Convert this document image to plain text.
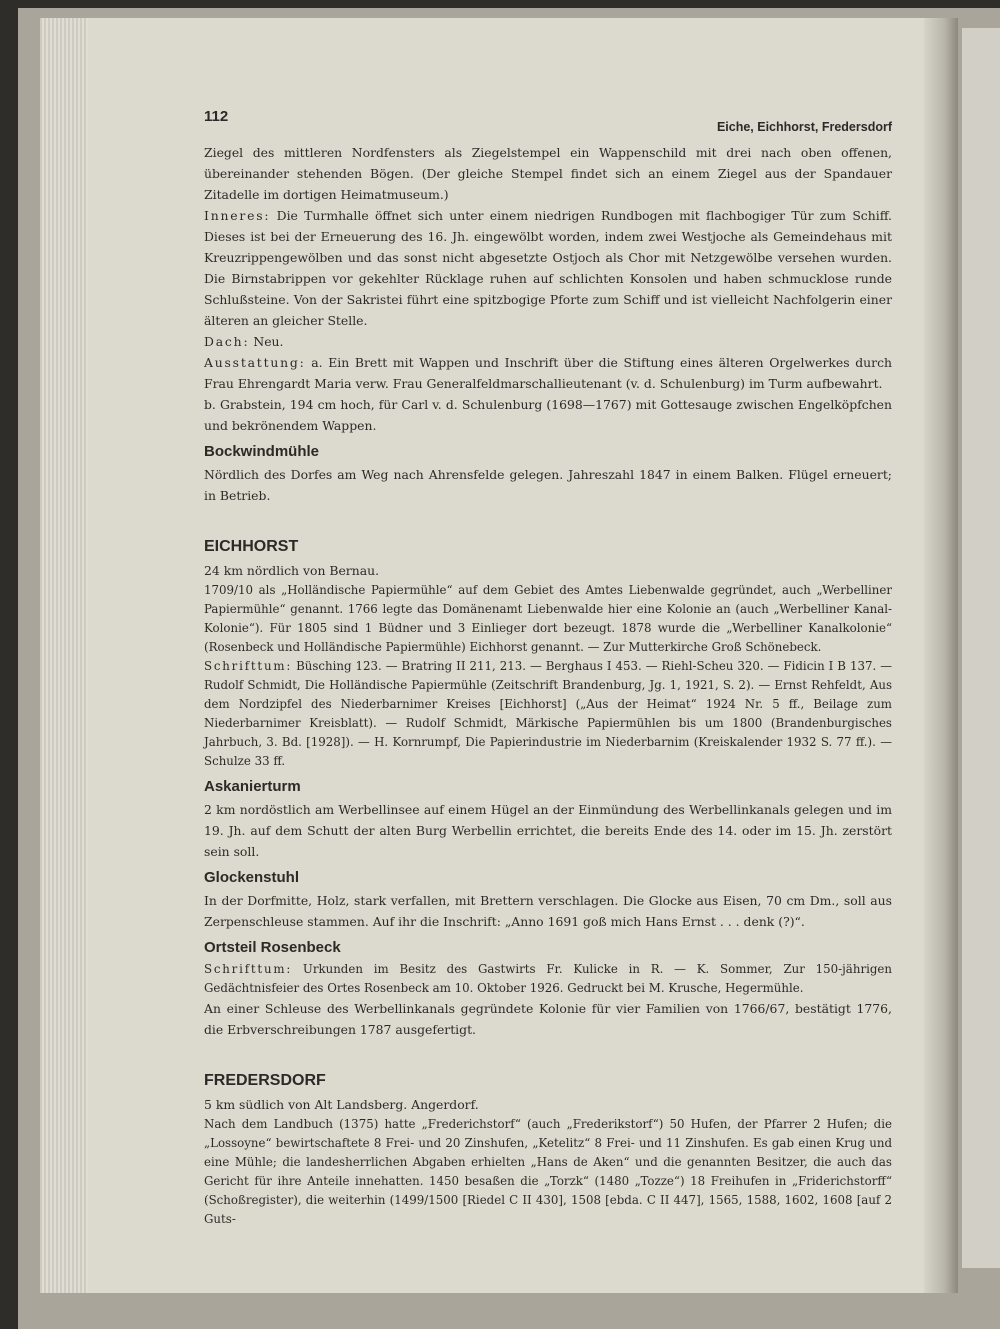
112
Eiche, Eichhorst, Fredersdorf

Ziegel des mittleren Nordfensters als Ziegelstempel ein Wappenschild mit drei nach oben offenen, übereinander stehenden Bögen. (Der gleiche Stempel findet sich an einem Ziegel aus der Spandauer Zitadelle im dortigen Heimatmuseum.)

Inneres: Die Turmhalle öffnet sich unter einem niedrigen Rundbogen mit flachbogiger Tür zum Schiff. Dieses ist bei der Erneuerung des 16. Jh. eingewölbt worden, indem zwei Westjoche als Gemeindehaus mit Kreuzrippengewölben und das sonst nicht abgesetzte Ostjoch als Chor mit Netzgewölbe versehen wurden. Die Birnstabrippen vor gekehlter Rücklage ruhen auf schlichten Konsolen und haben schmucklose runde Schlußsteine. Von der Sakristei führt eine spitzbogige Pforte zum Schiff und ist vielleicht Nachfolgerin einer älteren an gleicher Stelle.

Dach: Neu.

Ausstattung: a. Ein Brett mit Wappen und Inschrift über die Stiftung eines älteren Orgelwerkes durch Frau Ehrengardt Maria verw. Frau Generalfeldmarschallieutenant (v. d. Schulenburg) im Turm aufbewahrt.

b. Grabstein, 194 cm hoch, für Carl v. d. Schulenburg (1698—1767) mit Gottesauge zwischen Engelköpfchen und bekrönendem Wappen.

Bockwindmühle

Nördlich des Dorfes am Weg nach Ahrensfelde gelegen. Jahreszahl 1847 in einem Balken. Flügel erneuert; in Betrieb.

EICHHORST

24 km nördlich von Bernau.

1709/10 als „Holländische Papiermühle“ auf dem Gebiet des Amtes Liebenwalde gegründet, auch „Werbelliner Papiermühle“ genannt. 1766 legte das Domänenamt Liebenwalde hier eine Kolonie an (auch „Werbelliner Kanal-Kolonie“). Für 1805 sind 1 Büdner und 3 Einlieger dort bezeugt. 1878 wurde die „Werbelliner Kanalkolonie“ (Rosenbeck und Holländische Papiermühle) Eichhorst genannt. — Zur Mutterkirche Groß Schönebeck.

Schrifttum: Büsching 123. — Bratring II 211, 213. — Berghaus I 453. — Riehl-Scheu 320. — Fidicin I B 137. — Rudolf Schmidt, Die Holländische Papiermühle (Zeitschrift Brandenburg, Jg. 1, 1921, S. 2). — Ernst Rehfeldt, Aus dem Nordzipfel des Niederbarnimer Kreises [Eichhorst] („Aus der Heimat“ 1924 Nr. 5 ff., Beilage zum Niederbarnimer Kreisblatt). — Rudolf Schmidt, Märkische Papiermühlen bis um 1800 (Brandenburgisches Jahrbuch, 3. Bd. [1928]). — H. Kornrumpf, Die Papierindustrie im Niederbarnim (Kreiskalender 1932 S. 77 ff.). — Schulze 33 ff.

Askanierturm

2 km nordöstlich am Werbellinsee auf einem Hügel an der Einmündung des Werbellinkanals gelegen und im 19. Jh. auf dem Schutt der alten Burg Werbellin errichtet, die bereits Ende des 14. oder im 15. Jh. zerstört sein soll.

Glockenstuhl

In der Dorfmitte, Holz, stark verfallen, mit Brettern verschlagen. Die Glocke aus Eisen, 70 cm Dm., soll aus Zerpenschleuse stammen. Auf ihr die Inschrift: „Anno 1691 goß mich Hans Ernst . . . denk (?)“.

Ortsteil Rosenbeck

Schrifttum: Urkunden im Besitz des Gastwirts Fr. Kulicke in R. — K. Sommer, Zur 150-jährigen Gedächtnisfeier des Ortes Rosenbeck am 10. Oktober 1926. Gedruckt bei M. Krusche, Hegermühle.

An einer Schleuse des Werbellinkanals gegründete Kolonie für vier Familien von 1766/67, bestätigt 1776, die Erbverschreibungen 1787 ausgefertigt.

FREDERSDORF

5 km südlich von Alt Landsberg. Angerdorf.

Nach dem Landbuch (1375) hatte „Frederichstorf“ (auch „Frederikstorf“) 50 Hufen, der Pfarrer 2 Hufen; die „Lossoyne“ bewirtschaftete 8 Frei- und 20 Zinshufen, „Ketelitz“ 8 Frei- und 11 Zinshufen. Es gab einen Krug und eine Mühle; die landesherrlichen Abgaben erhielten „Hans de Aken“ und die genannten Besitzer, die auch das Gericht für ihre Anteile innehatten. 1450 besaßen die „Torzk“ (1480 „Tozze“) 18 Freihufen in „Friderichstorff“ (Schoßregister), die weiterhin (1499/1500 [Riedel C II 430], 1508 [ebda. C II 447], 1565, 1588, 1602, 1608 [auf 2 Guts-
